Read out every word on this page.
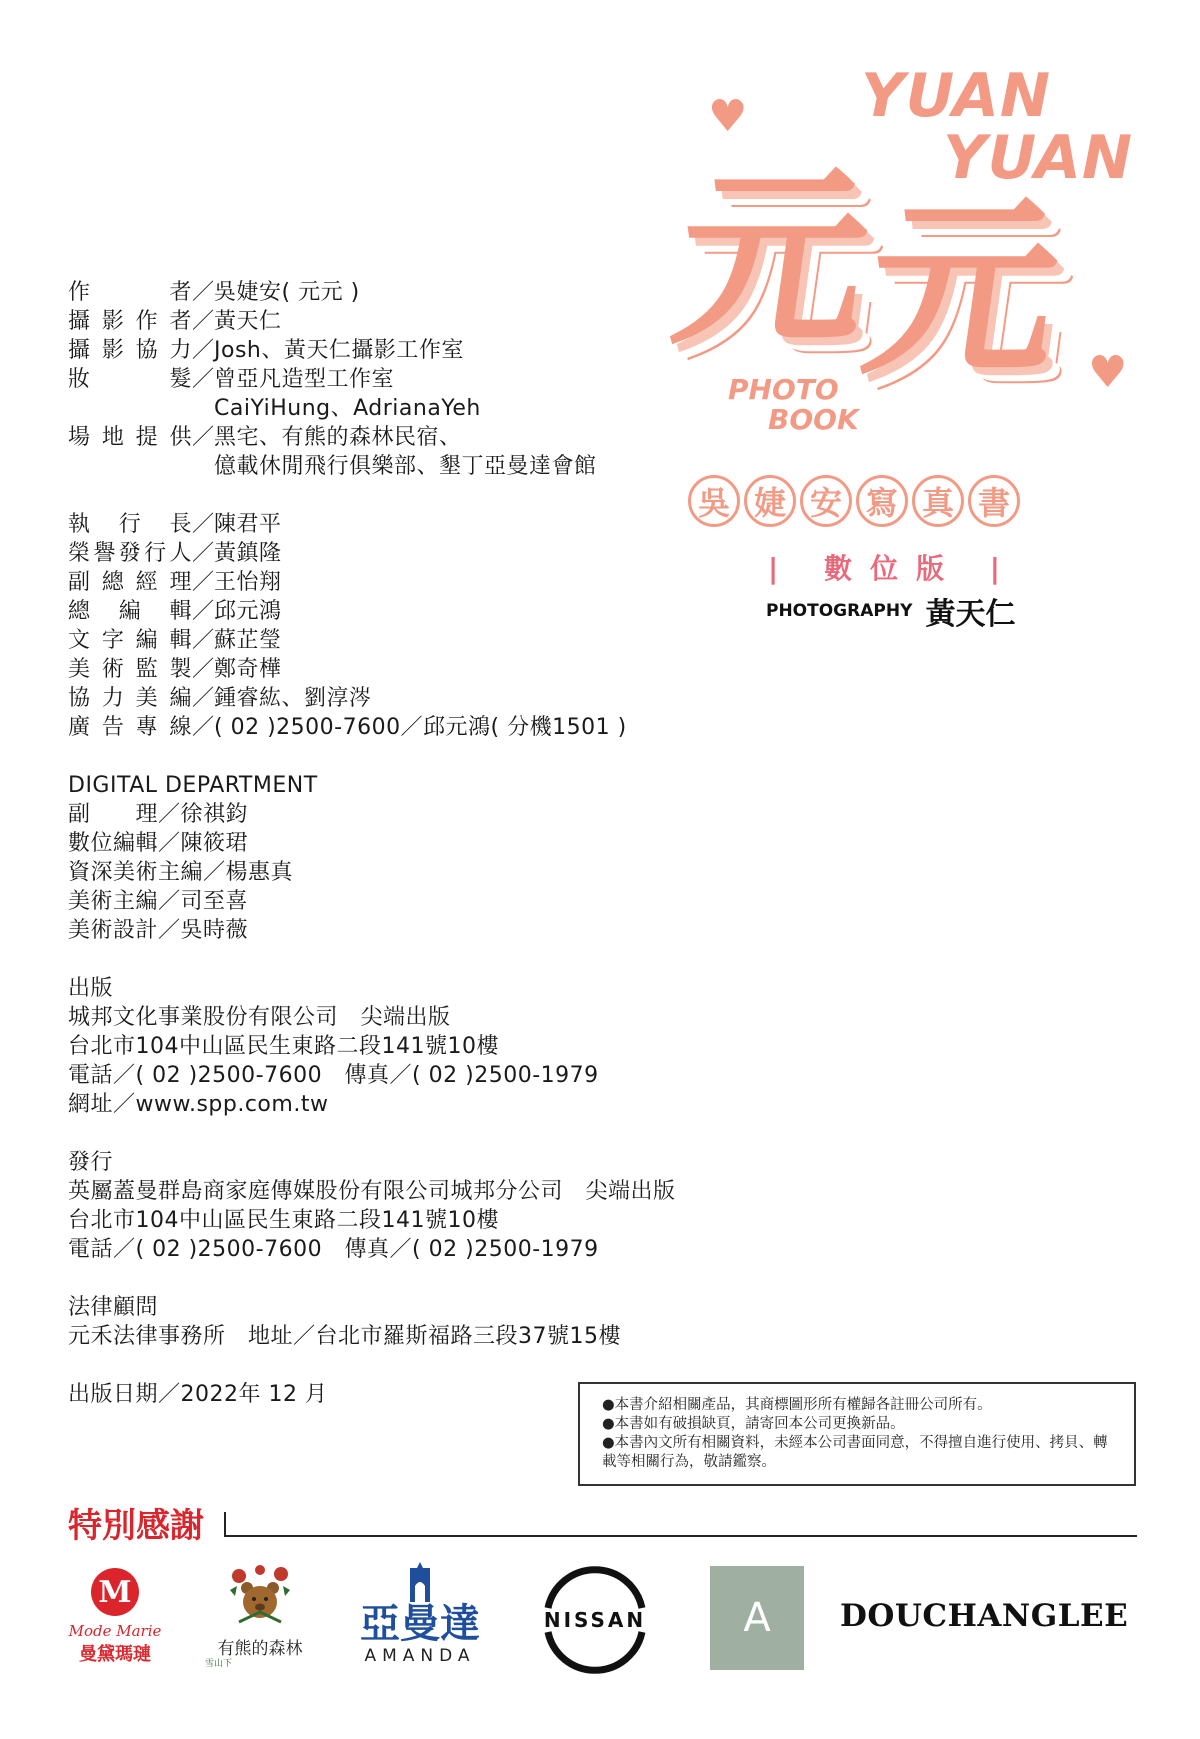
作　　者 ／ 吳婕安( 元元 )
攝影作者 ／ 黃天仁
攝影協力 ／ Josh、黃天仁攝影工作室
妝　　髮 ／ 曾亞凡造型工作室
CaiYiHung、AdrianaYeh
場地提供 ／ 黑宅、有熊的森林民宿、
億載休閒飛行俱樂部、墾丁亞曼達會館
執 行 長 ／ 陳君平
榮譽發行人 ／ 黃鎮隆
副總經理 ／ 王怡翔
總 編 輯 ／ 邱元鴻
文字編輯 ／ 蘇芷瑩
美術監製 ／ 鄭奇樺
協力美編 ／ 鍾睿紘、劉淳涔
廣告專線 ／ ( 02 )2500-7600／邱元鴻( 分機1501 )
DIGITAL DEPARTMENT
副　　理／徐祺鈞
數位編輯／陳筱珺
資深美術主編／楊惠真
美術主編／司至喜
美術設計／吳時薇
出版
城邦文化事業股份有限公司　尖端出版
台北市104中山區民生東路二段141號10樓
電話／( 02 )2500-7600　傳真／( 02 )2500-1979
網址／www.spp.com.tw
發行
英屬蓋曼群島商家庭傳媒股份有限公司城邦分公司　尖端出版
台北市104中山區民生東路二段141號10樓
電話／( 02 )2500-7600　傳真／( 02 )2500-1979
法律顧問
元禾法律事務所　地址／台北市羅斯福路三段37號15樓
出版日期／2022年 12 月
YUAN
YUAN
♥
♥
元
元
PHOTO
BOOK
吳 婕 安 寫 真 書
| 數位版 |
PHOTOGRAPHY 黃天仁
●本書介紹相關產品，其商標圖形所有權歸各註冊公司所有。
●本書如有破損缺頁，請寄回本公司更換新品。
●本書內文所有相關資料，未經本公司書面同意，不得擅自進行使用、拷貝、轉載等相關行為，敬請鑑察。
特別感謝
M
Mode Marie
曼黛瑪璉	雪山下
有熊的森林
亞曼達
AMANDA
NISSAN A DOUCHANGLEE
